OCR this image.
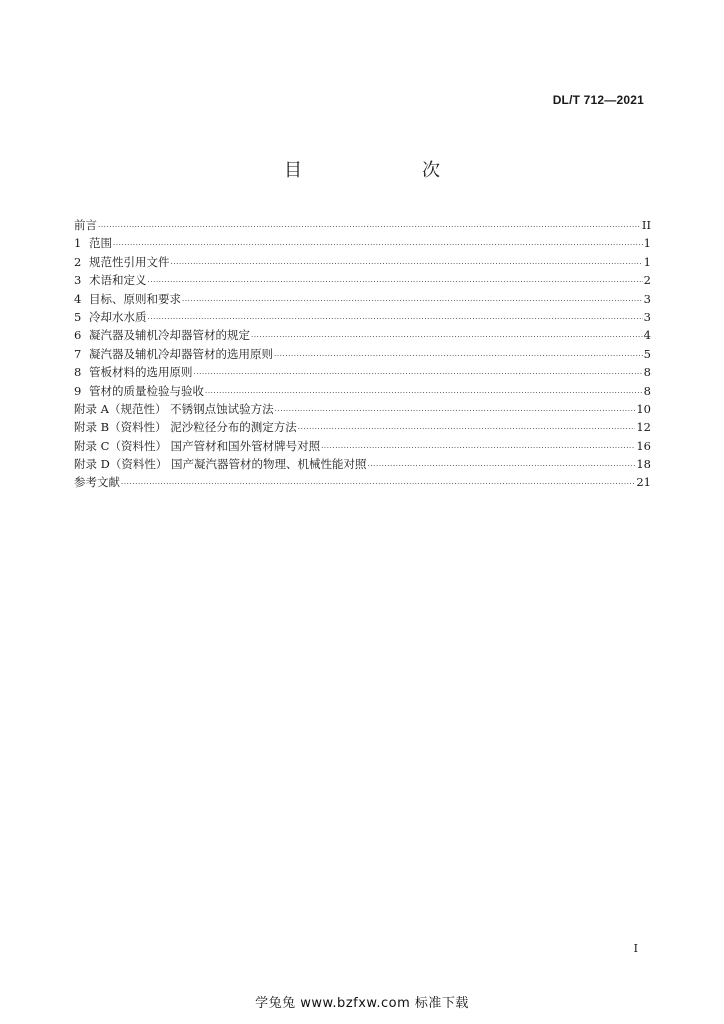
DL/T 712—2021
目　　次
前言 ·····	II
1 范围 ·····	1
2 规范性引用文件 ·····	1
3 术语和定义 ·····	2
4 目标、原则和要求 ·····	3
5 冷却水水质 ·····	3
6 凝汽器及辅机冷却器管材的规定 ·····	4
7 凝汽器及辅机冷却器管材的选用原则 ·····	5
8 管板材料的选用原则 ·····	8
9 管材的质量检验与验收 ·····	8
附录 A（规范性） 不锈钢点蚀试验方法 ·····	10
附录 B（资料性） 泥沙粒径分布的测定方法 ·····	12
附录 C（资料性） 国产管材和国外管材牌号对照 ·····	16
附录 D（资料性） 国产凝汽器管材的物理、机械性能对照 ·····	18
参考文献 ·····	21
I
学兔兔 www.bzfxw.com 标准下载
